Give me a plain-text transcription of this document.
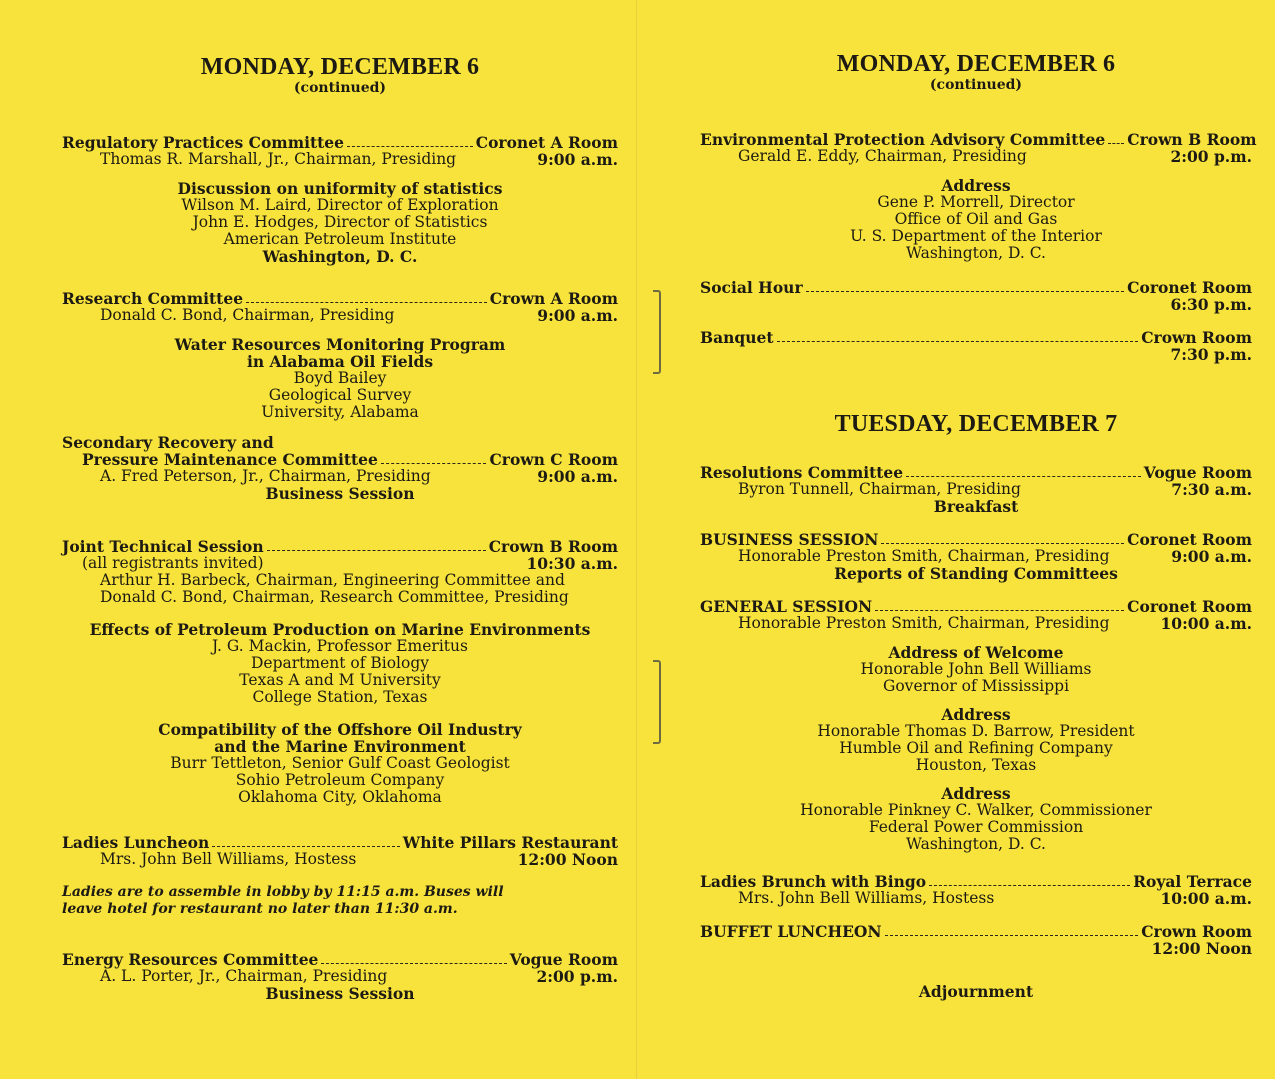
MONDAY, DECEMBER 6
(continued)
Regulatory Practices Committee	Coronet A Room
Thomas R. Marshall, Jr., Chairman, Presiding	9:00 a.m.
Discussion on uniformity of statistics
Wilson M. Laird, Director of Exploration
John E. Hodges, Director of Statistics
American Petroleum Institute
Washington, D. C.
Research Committee	Crown A Room
Donald C. Bond, Chairman, Presiding	9:00 a.m.
Water Resources Monitoring Program
in Alabama Oil Fields
Boyd Bailey
Geological Survey
University, Alabama
Secondary Recovery and
Pressure Maintenance Committee	Crown C Room
A. Fred Peterson, Jr., Chairman, Presiding	9:00 a.m.
Business Session
Joint Technical Session	Crown B Room
(all registrants invited)	10:30 a.m.
Arthur H. Barbeck, Chairman, Engineering Committee and
Donald C. Bond, Chairman, Research Committee, Presiding
Effects of Petroleum Production on Marine Environments
J. G. Mackin, Professor Emeritus
Department of Biology
Texas A and M University
College Station, Texas
Compatibility of the Offshore Oil Industry
and the Marine Environment
Burr Tettleton, Senior Gulf Coast Geologist
Sohio Petroleum Company
Oklahoma City, Oklahoma
Ladies Luncheon	White Pillars Restaurant
Mrs. John Bell Williams, Hostess	12:00 Noon
Ladies are to assemble in lobby by 11:15 a.m. Buses will
leave hotel for restaurant no later than 11:30 a.m.
Energy Resources Committee	Vogue Room
A. L. Porter, Jr., Chairman, Presiding	2:00 p.m.
Business Session
MONDAY, DECEMBER 6
(continued)
Environmental Protection Advisory Committee Crown B Room
Gerald E. Eddy, Chairman, Presiding	2:00 p.m.
Address
Gene P. Morrell, Director
Office of Oil and Gas
U. S. Department of the Interior
Washington, D. C.
Social Hour	Coronet Room
6:30 p.m.
Banquet	Crown Room
7:30 p.m.
TUESDAY, DECEMBER 7
Resolutions Committee	Vogue Room
Byron Tunnell, Chairman, Presiding	7:30 a.m.
Breakfast
BUSINESS SESSION	Coronet Room
Honorable Preston Smith, Chairman, Presiding	9:00 a.m.
Reports of Standing Committees
GENERAL SESSION	Coronet Room
Honorable Preston Smith, Chairman, Presiding	10:00 a.m.
Address of Welcome
Honorable John Bell Williams
Governor of Mississippi
Address
Honorable Thomas D. Barrow, President
Humble Oil and Refining Company
Houston, Texas
Address
Honorable Pinkney C. Walker, Commissioner
Federal Power Commission
Washington, D. C.
Ladies Brunch with Bingo	Royal Terrace
Mrs. John Bell Williams, Hostess	10:00 a.m.
BUFFET LUNCHEON	Crown Room
12:00 Noon
Adjournment
